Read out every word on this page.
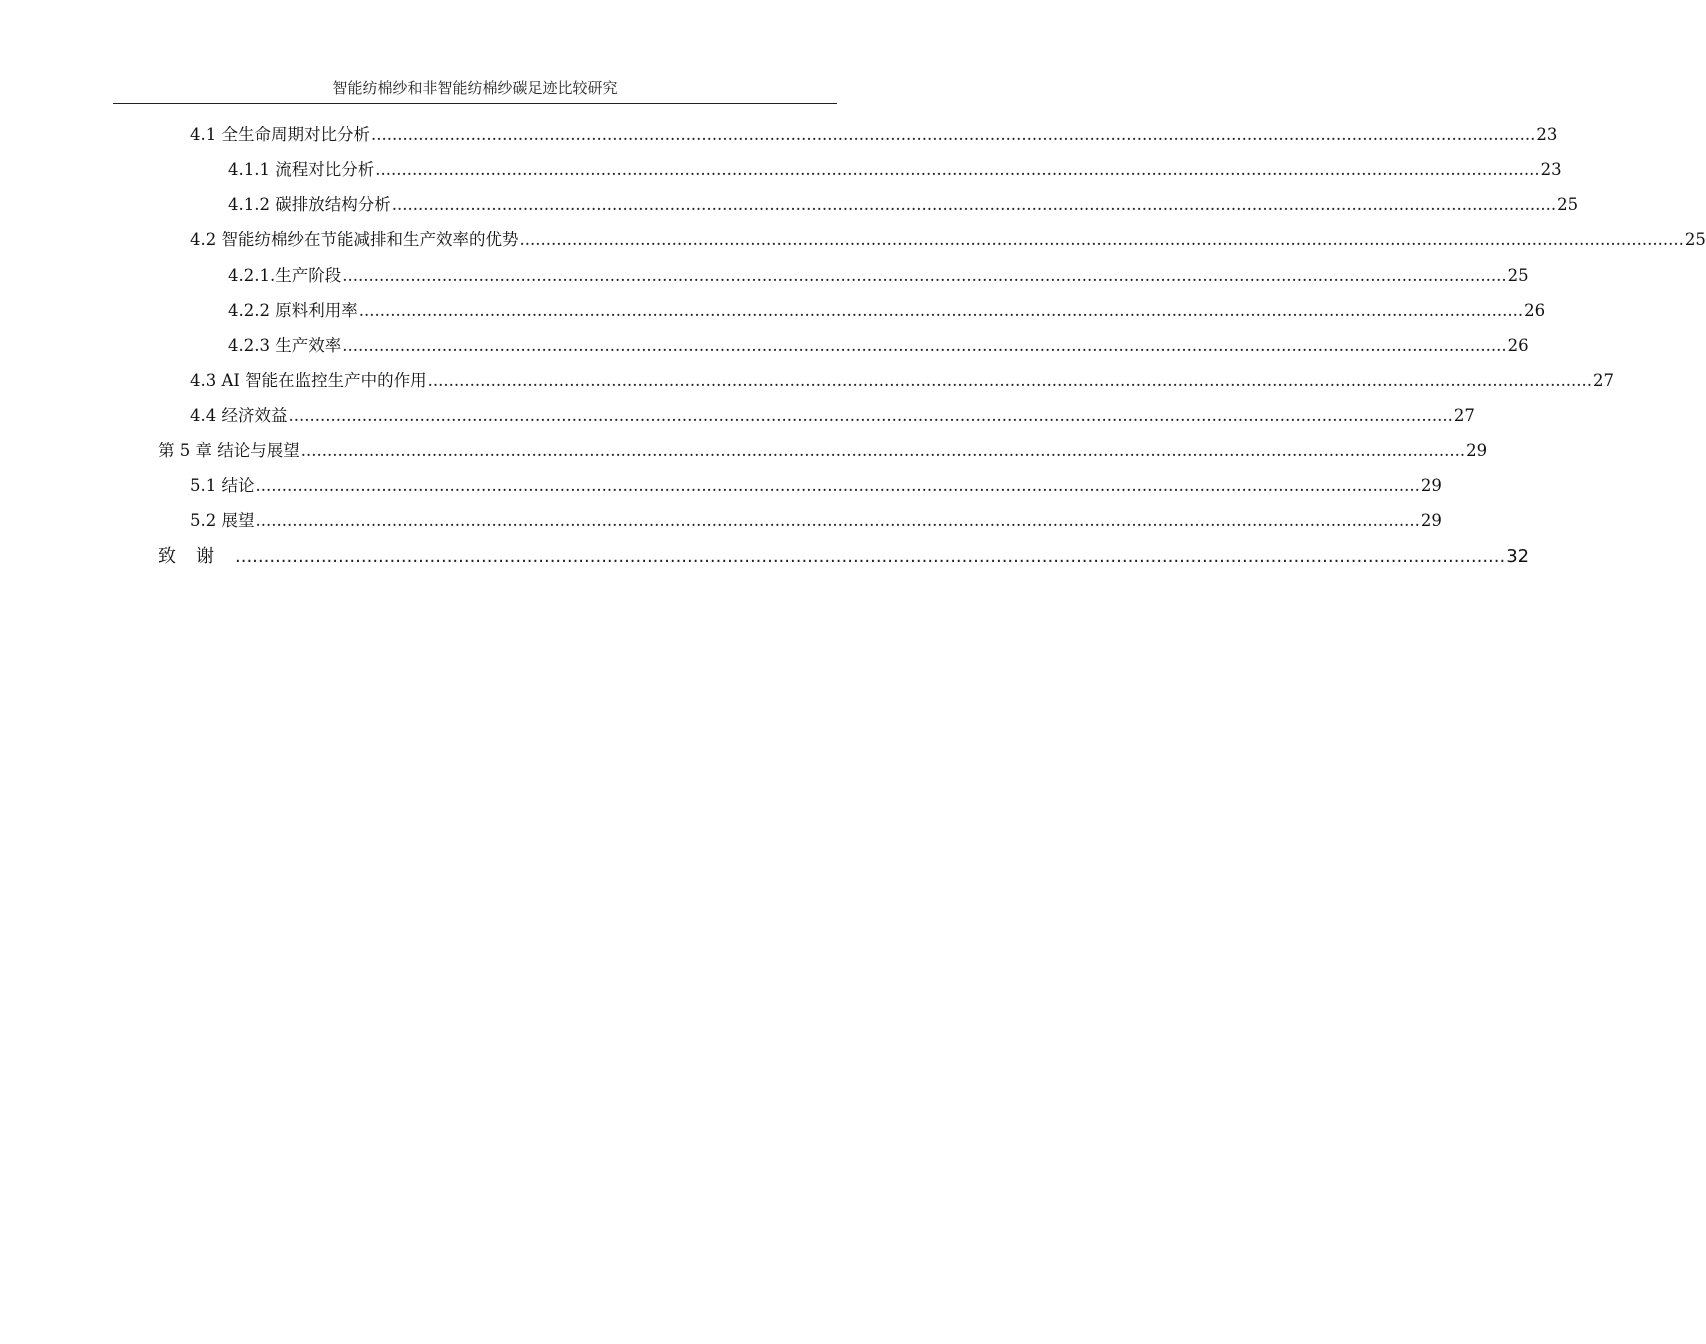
智能纺棉纱和非智能纺棉纱碳足迹比较研究
4.1 全生命周期对比分析 .............................................................................................................................................................................................................................. 23
4.1.1 流程对比分析 .............................................................................................................................................................................................................................. 23
4.1.2 碳排放结构分析 .............................................................................................................................................................................................................................. 25
4.2 智能纺棉纱在节能减排和生产效率的优势 .............................................................................................................................................................................................................................. 25
4.2.1.生产阶段 .............................................................................................................................................................................................................................. 25
4.2.2 原料利用率 .............................................................................................................................................................................................................................. 26
4.2.3 生产效率 .............................................................................................................................................................................................................................. 26
4.3 AI 智能在监控生产中的作用 .............................................................................................................................................................................................................................. 27
4.4 经济效益 .............................................................................................................................................................................................................................. 27
第 5 章 结论与展望 .............................................................................................................................................................................................................................. 29
5.1 结论 .............................................................................................................................................................................................................................. 29
5.2 展望 .............................................................................................................................................................................................................................. 29
致谢 .............................................................................................................................................................................................................................. 32
